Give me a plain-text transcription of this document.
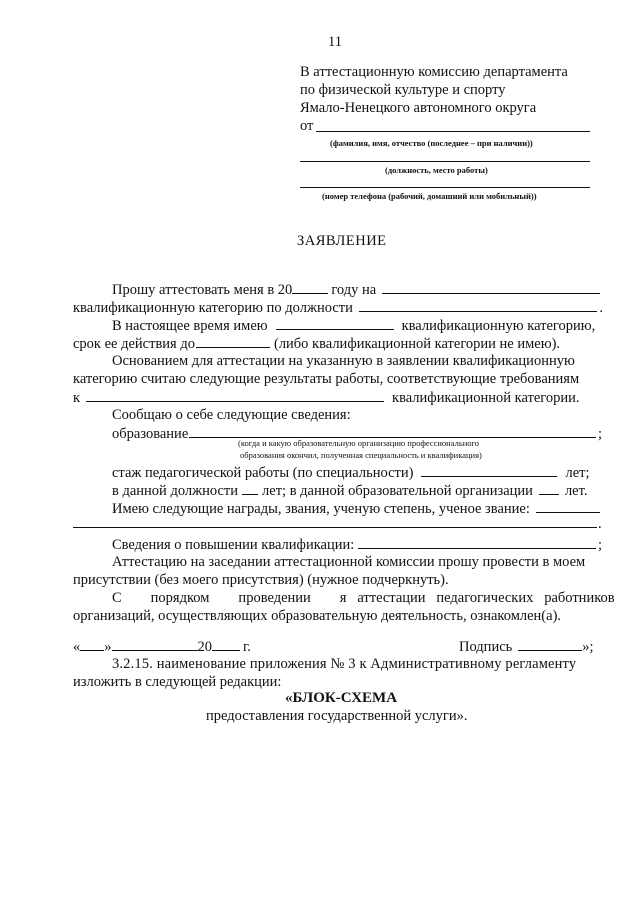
11
В аттестационную комиссию департамента
по физической культуре и спорту
Ямало-Ненецкого автономного округа
от
(фамилия, имя, отчество (последнее – при наличии))
(должность, место работы)
(номер телефона (рабочий, домашний или мобильный))
ЗАЯВЛЕНИЕ
Прошу аттестовать меня в 20	году на
квалификационную категорию по должности	.
В настоящее время имею	квалификационную категорию,
срок ее действия до	(либо квалификационной категории не имею).
Основанием для аттестации на указанную в заявлении квалификационную
категорию считаю следующие результаты работы, соответствующие требованиям
к	квалификационной категории.
Сообщаю о себе следующие сведения:
образование	;
(когда и какую образовательную организацию профессионального
образования окончил, полученная специальность и квалификация)
стаж педагогической работы (по специальности)	лет;
в данной должности лет; в данной образовательной организации лет.
Имею следующие награды, звания, ученую степень, ученое звание:
.
Сведения о повышении квалификации:	;
Аттестацию на заседании аттестационной комиссии прошу провести в моем
присутствии (без моего присутствия) (нужное подчеркнуть).
С        порядком        проведении        я   аттестации   педагогических   работников
организаций, осуществляющих образовательную деятельность, ознакомлен(а).
« »	20 г.	Подпись	»;
3.2.15. наименование приложения № 3 к Административному регламенту
изложить в следующей редакции:
«БЛОК-СХЕМА
предоставления государственной услуги».
